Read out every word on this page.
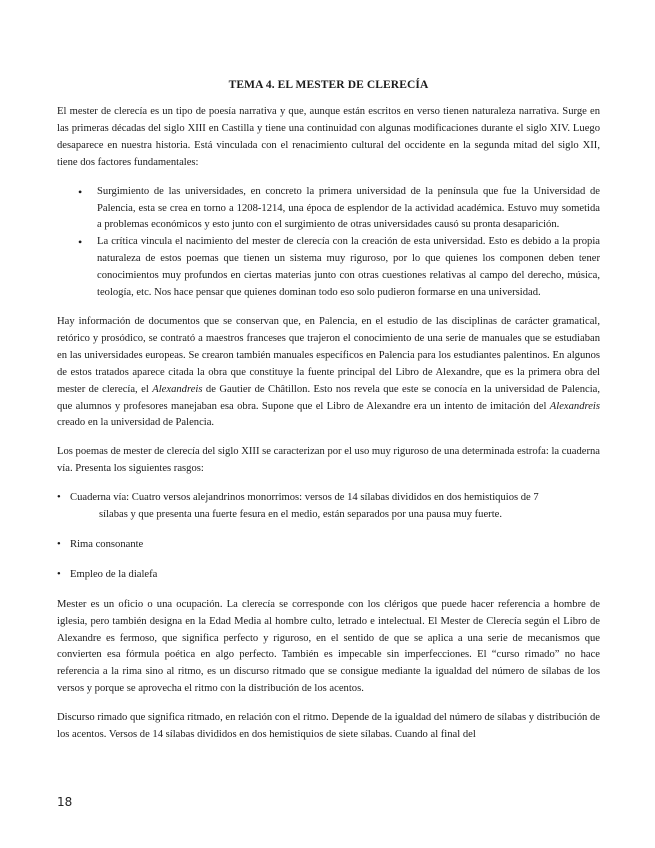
TEMA 4. EL MESTER DE CLERECÍA

El mester de clerecía es un tipo de poesía narrativa y que, aunque están escritos en verso tienen naturaleza narrativa. Surge en las primeras décadas del siglo XIII en Castilla y tiene una continuidad con algunas modificaciones durante el siglo XIV. Luego desaparece en nuestra historia. Está vinculada con el renacimiento cultural del occidente en la segunda mitad del siglo XII, tiene dos factores fundamentales:

• Surgimiento de las universidades, en concreto la primera universidad de la península que fue la Universidad de Palencia, esta se crea en torno a 1208-1214, una época de esplendor de la actividad académica. Estuvo muy sometida a problemas económicos y esto junto con el surgimiento de otras universidades causó su pronta desaparición.
• La crítica vincula el nacimiento del mester de clerecía con la creación de esta universidad. Esto es debido a la propia naturaleza de estos poemas que tienen un sistema muy riguroso, por lo que quienes los componen deben tener conocimientos muy profundos en ciertas materias junto con otras cuestiones relativas al campo del derecho, música, teología, etc. Nos hace pensar que quienes dominan todo eso solo pudieron formarse en una universidad.

Hay información de documentos que se conservan que, en Palencia, en el estudio de las disciplinas de carácter gramatical, retórico y prosódico, se contrató a maestros franceses que trajeron el conocimiento de una serie de manuales que se estudiaban en las universidades europeas. Se crearon también manuales específicos en Palencia para los estudiantes palentinos. En algunos de estos tratados aparece citada la obra que constituye la fuente principal del Libro de Alexandre, que es la primera obra del mester de clerecía, el Alexandreis de Gautier de Châtillon. Esto nos revela que este se conocía en la universidad de Palencia, que alumnos y profesores manejaban esa obra. Supone que el Libro de Alexandre era un intento de imitación del Alexandreis creado en la universidad de Palencia.

Los poemas de mester de clerecía del siglo XIII se caracterizan por el uso muy riguroso de una determinada estrofa: la cuaderna vía. Presenta los siguientes rasgos:

• Cuaderna vía: Cuatro versos alejandrinos monorrimos: versos de 14 sílabas divididos en dos hemistiquios de 7
sílabas y que presenta una fuerte fesura en el medio, están separados por una pausa muy fuerte.
• Rima consonante
• Empleo de la dialefa

Mester es un oficio o una ocupación. La clerecía se corresponde con los clérigos que puede hacer referencia a hombre de iglesia, pero también designa en la Edad Media al hombre culto, letrado e intelectual. El Mester de Clerecía según el Libro de Alexandre es fermoso, que significa perfecto y riguroso, en el sentido de que se aplica a una serie de mecanismos que convierten esa fórmula poética en algo perfecto. También es impecable sin imperfecciones. El “curso rimado” no hace referencia a la rima sino al ritmo, es un discurso ritmado que se consigue mediante la igualdad del número de sílabas de los versos y porque se aprovecha el ritmo con la distribución de los acentos.

Discurso rimado que significa ritmado, en relación con el ritmo. Depende de la igualdad del número de sílabas y distribución de los acentos. Versos de 14 sílabas divididos en dos hemistiquios de siete sílabas. Cuando al final del

18
